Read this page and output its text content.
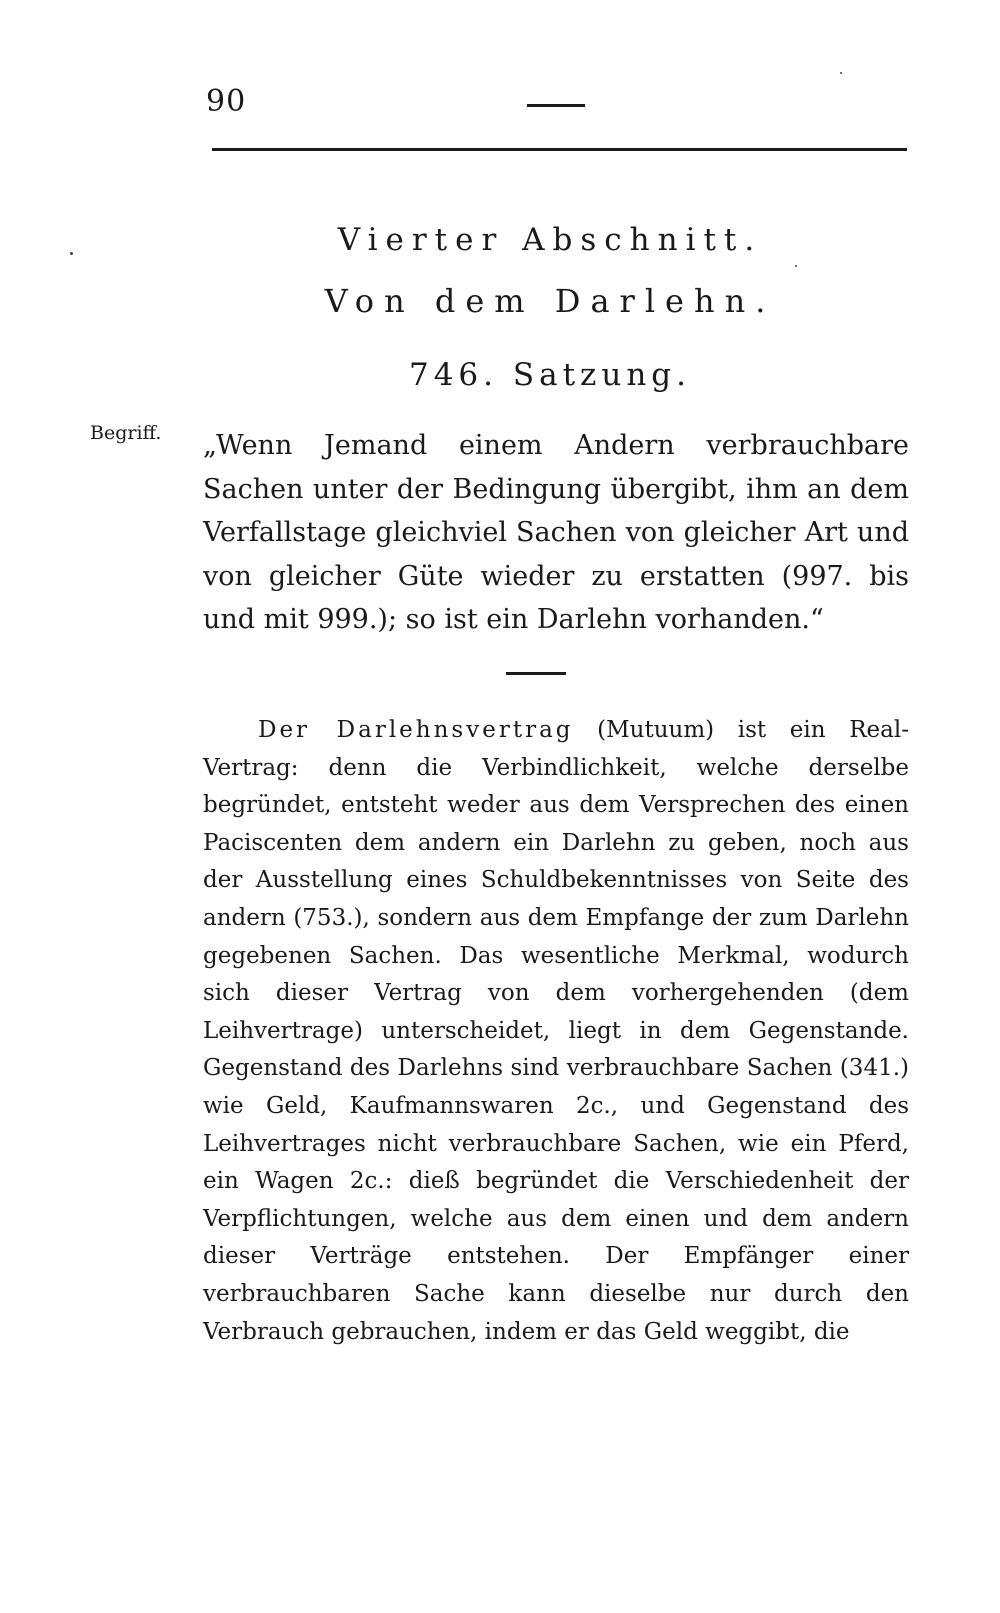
90
Vierter Abschnitt.
Von dem Darlehn.
746. Satzung.
Begriff. „Wenn Jemand einem Andern verbrauchbare Sachen unter der Bedingung übergibt, ihm an dem Verfallstage gleichviel Sachen von gleicher Art und von gleicher Güte wieder zu erstatten (997. bis und mit 999.); so ist ein Darlehn vorhanden.“
Der Darlehnsvertrag (Mutuum) ist ein Real-Vertrag: denn die Verbindlichkeit, welche derselbe begründet, entsteht weder aus dem Versprechen des einen Paciscenten dem andern ein Darlehn zu geben, noch aus der Ausstellung eines Schuldbekenntnisses von Seite des andern (753.), sondern aus dem Empfange der zum Darlehn gegebenen Sachen. Das wesentliche Merkmal, wodurch sich dieser Vertrag von dem vorhergehenden (dem Leihvertrage) unterscheidet, liegt in dem Gegenstande. Gegenstand des Darlehns sind verbrauchbare Sachen (341.) wie Geld, Kaufmannswaren 2c., und Gegenstand des Leihvertrages nicht verbrauchbare Sachen, wie ein Pferd, ein Wagen 2c.: dieß begründet die Verschiedenheit der Verpflichtungen, welche aus dem einen und dem andern dieser Verträge entstehen. Der Empfänger einer verbrauchbaren Sache kann dieselbe nur durch den Verbrauch gebrauchen, indem er das Geld weggibt, die
